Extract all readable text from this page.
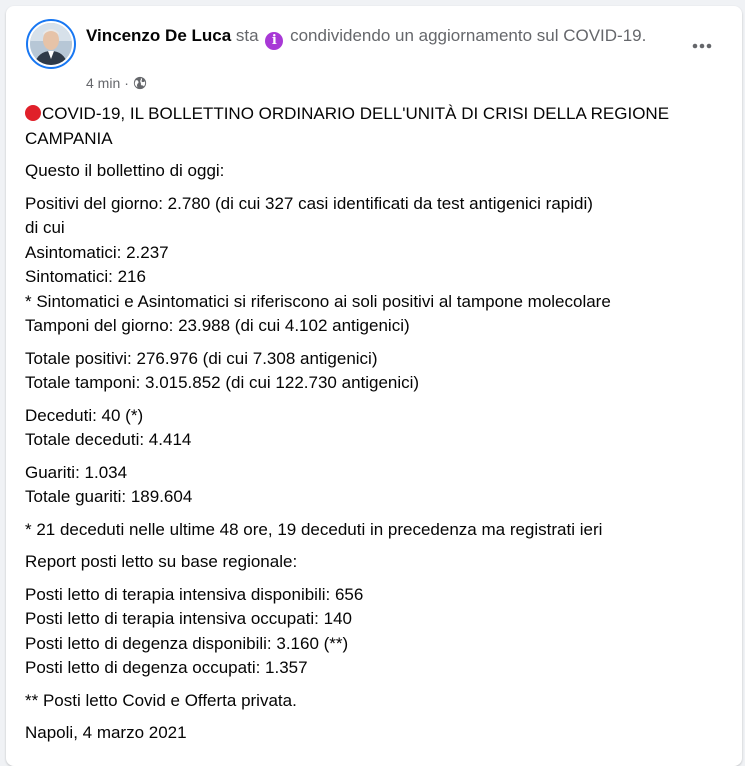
Vincenzo De Luca sta i condividendo un aggiornamento sul COVID-19.
4 min ·

COVID-19, IL BOLLETTINO ORDINARIO DELL'UNITÀ DI CRISI DELLA REGIONE CAMPANIA

Questo il bollettino di oggi:

Positivi del giorno: 2.780 (di cui 327 casi identificati da test antigenici rapidi)
di cui
Asintomatici: 2.237
Sintomatici: 216
* Sintomatici e Asintomatici si riferiscono ai soli positivi al tampone molecolare
Tamponi del giorno: 23.988 (di cui 4.102 antigenici)

Totale positivi: 276.976 (di cui 7.308 antigenici)
Totale tamponi: 3.015.852 (di cui 122.730 antigenici)

Deceduti: 40 (*)
Totale deceduti: 4.414

Guariti: 1.034
Totale guariti: 189.604

* 21 deceduti nelle ultime 48 ore, 19 deceduti in precedenza ma registrati ieri

Report posti letto su base regionale:

Posti letto di terapia intensiva disponibili: 656
Posti letto di terapia intensiva occupati: 140
Posti letto di degenza disponibili: 3.160 (**)
Posti letto di degenza occupati: 1.357

** Posti letto Covid e Offerta privata.

Napoli, 4 marzo 2021
